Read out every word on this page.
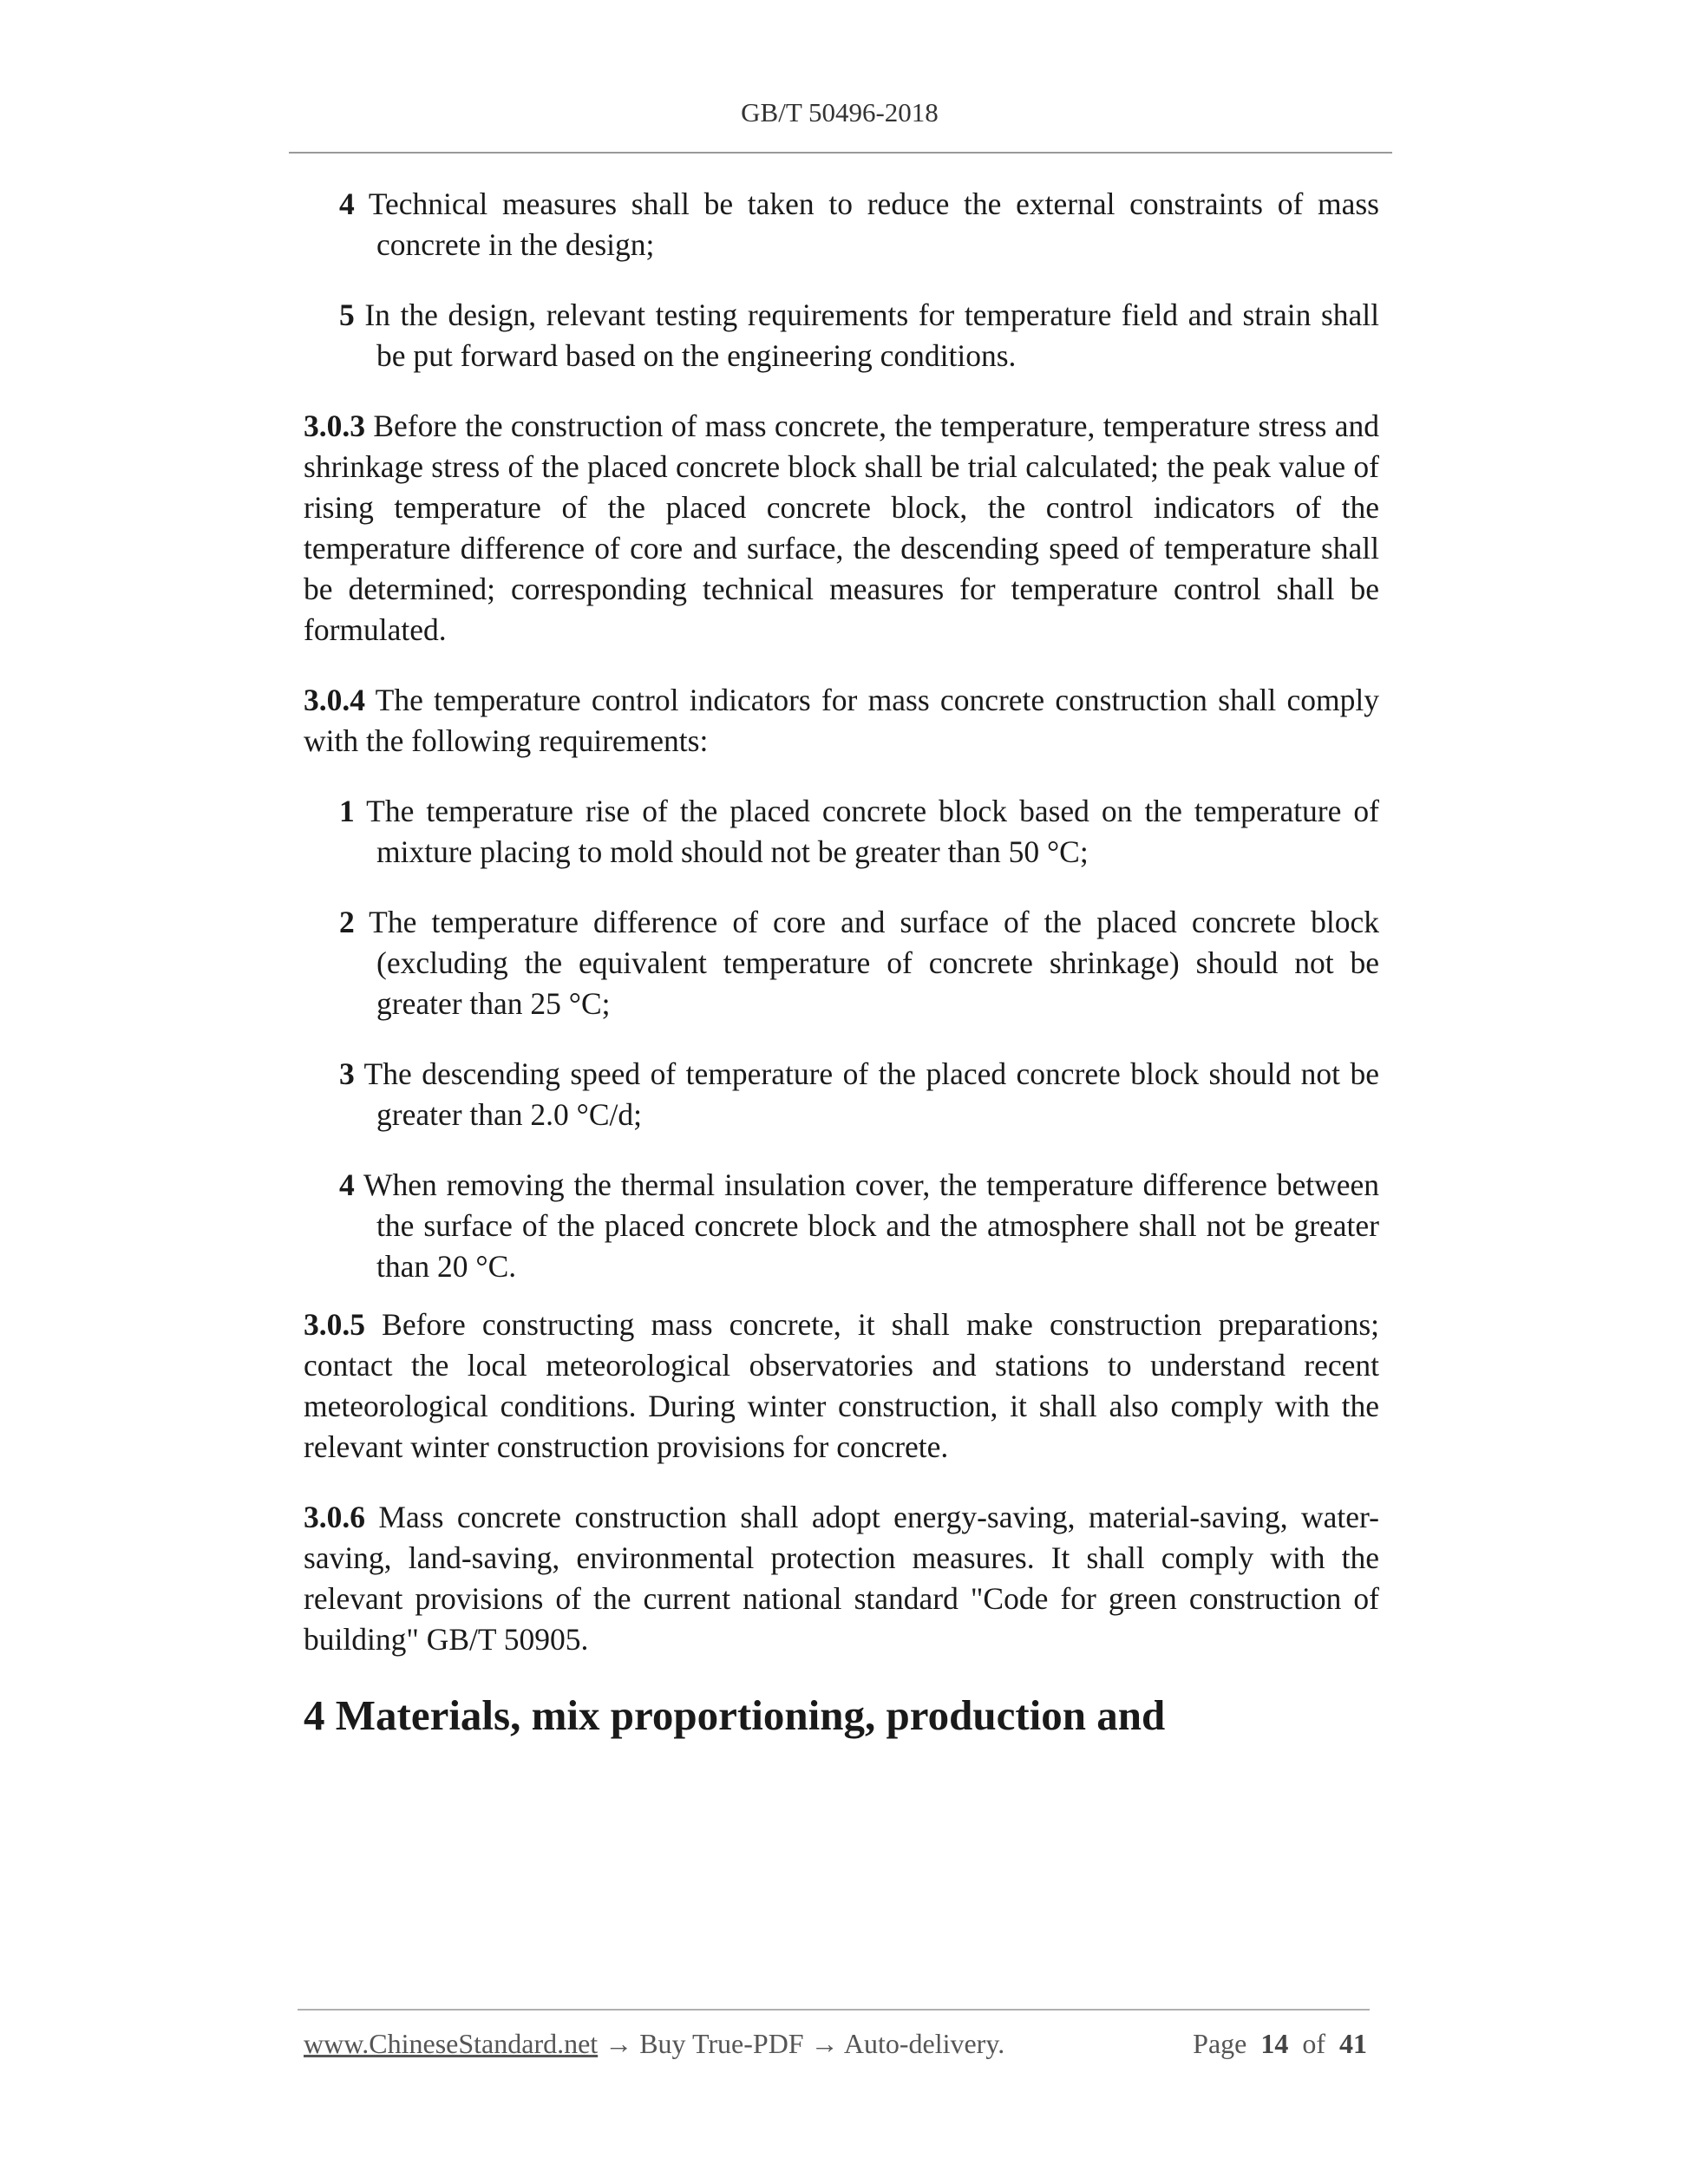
GB/T 50496-2018

4 Technical measures shall be taken to reduce the external constraints of mass concrete in the design;

5 In the design, relevant testing requirements for temperature field and strain shall be put forward based on the engineering conditions.

3.0.3 Before the construction of mass concrete, the temperature, temperature stress and shrinkage stress of the placed concrete block shall be trial calculated; the peak value of rising temperature of the placed concrete block, the control indicators of the temperature difference of core and surface, the descending speed of temperature shall be determined; corresponding technical measures for temperature control shall be formulated.

3.0.4 The temperature control indicators for mass concrete construction shall comply with the following requirements:

1 The temperature rise of the placed concrete block based on the temperature of mixture placing to mold should not be greater than 50 °C;

2 The temperature difference of core and surface of the placed concrete block (excluding the equivalent temperature of concrete shrinkage) should not be greater than 25 °C;

3 The descending speed of temperature of the placed concrete block should not be greater than 2.0 °C/d;

4 When removing the thermal insulation cover, the temperature difference between the surface of the placed concrete block and the atmosphere shall not be greater than 20 °C.

3.0.5 Before constructing mass concrete, it shall make construction preparations; contact the local meteorological observatories and stations to understand recent meteorological conditions. During winter construction, it shall also comply with the relevant winter construction provisions for concrete.

3.0.6 Mass concrete construction shall adopt energy-saving, material-saving, water-saving, land-saving, environmental protection measures. It shall comply with the relevant provisions of the current national standard "Code for green construction of building" GB/T 50905.

4 Materials, mix proportioning, production and

www.ChineseStandard.net → Buy True-PDF → Auto-delivery.	Page 14 of 41
